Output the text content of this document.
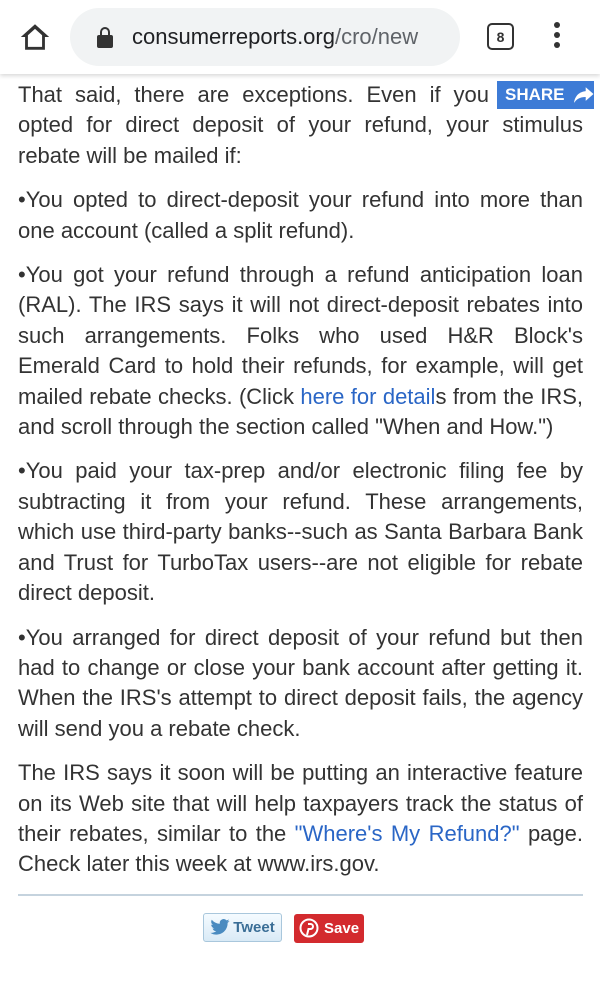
consumerreports.org /cro/new	8
SHARE

That said, there are exceptions. Even if you opted for direct deposit of your refund, your stimulus rebate will be mailed if:

•You opted to direct-deposit your refund into more than one account (called a split refund).

•You got your refund through a refund anticipation loan (RAL). The IRS says it will not direct-deposit rebates into such arrangements. Folks who used H&R Block's Emerald Card to hold their refunds, for example, will get mailed rebate checks. (Click here for details from the IRS, and scroll through the section called "When and How.")

•You paid your tax-prep and/or electronic filing fee by subtracting it from your refund. These arrangements, which use third-party banks--such as Santa Barbara Bank and Trust for TurboTax users--are not eligible for rebate direct deposit.

•You arranged for direct deposit of your refund but then had to change or close your bank account after getting it. When the IRS's attempt to direct deposit fails, the agency will send you a rebate check.

The IRS says it soon will be putting an interactive feature on its Web site that will help taxpayers track the status of their rebates, similar to the "Where's My Refund?" page. Check later this week at www.irs.gov.

Tweet	Save
